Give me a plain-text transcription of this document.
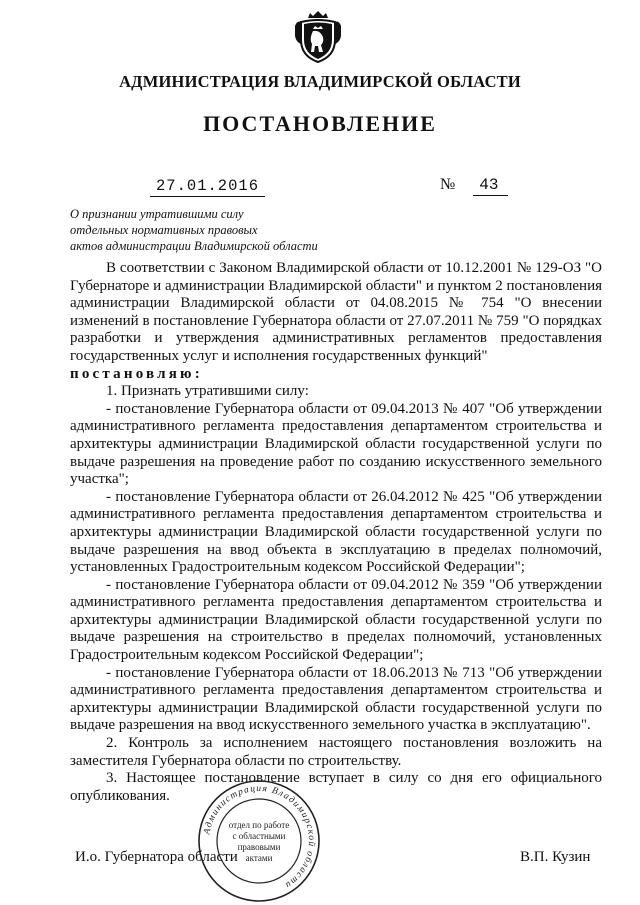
АДМИНИСТРАЦИЯ ВЛАДИМИРСКОЙ ОБЛАСТИ
ПОСТАНОВЛЕНИЕ
27.01.2016	№ 43
О признании утратившими силу
отдельных нормативных правовых
актов администрации Владимирской области

В соответствии с Законом Владимирской области от 10.12.2001 № 129-ОЗ "О Губернаторе и администрации Владимирской области" и пунктом 2 постановления администрации Владимирской области от 04.08.2015 № 754 "О внесении изменений в постановление Губернатора области от 27.07.2011 № 759 "О порядках разработки и утверждения административных регламентов предоставления государственных услуг и исполнения государственных функций"

постановляю:

1. Признать утратившими силу:

- постановление Губернатора области от 09.04.2013 № 407 "Об утверждении административного регламента предоставления департаментом строительства и архитектуры администрации Владимирской области государственной услуги по выдаче разрешения на проведение работ по созданию искусственного земельного участка";

- постановление Губернатора области от 26.04.2012 № 425 "Об утверждении административного регламента предоставления департаментом строительства и архитектуры администрации Владимирской области государственной услуги по выдаче разрешения на ввод объекта в эксплуатацию в пределах полномочий, установленных Градостроительным кодексом Российской Федерации";

- постановление Губернатора области от 09.04.2012 № 359 "Об утверждении административного регламента предоставления департаментом строительства и архитектуры администрации Владимирской области государственной услуги по выдаче разрешения на строительство в пределах полномочий, установленных Градостроительным кодексом Российской Федерации";

- постановление Губернатора области от 18.06.2013 № 713 "Об утверждении административного регламента предоставления департаментом строительства и архитектуры администрации Владимирской области государственной услуги по выдаче разрешения на ввод искусственного земельного участка в эксплуатацию".

2. Контроль за исполнением настоящего постановления возложить на заместителя Губернатора области по строительству.

3. Настоящее постановление вступает в силу со дня его официального опубликования.

И.о. Губернатора области	В.П. Кузин
Администрация Владимирской области
отдел по работе
с областными
правовыми
актами
